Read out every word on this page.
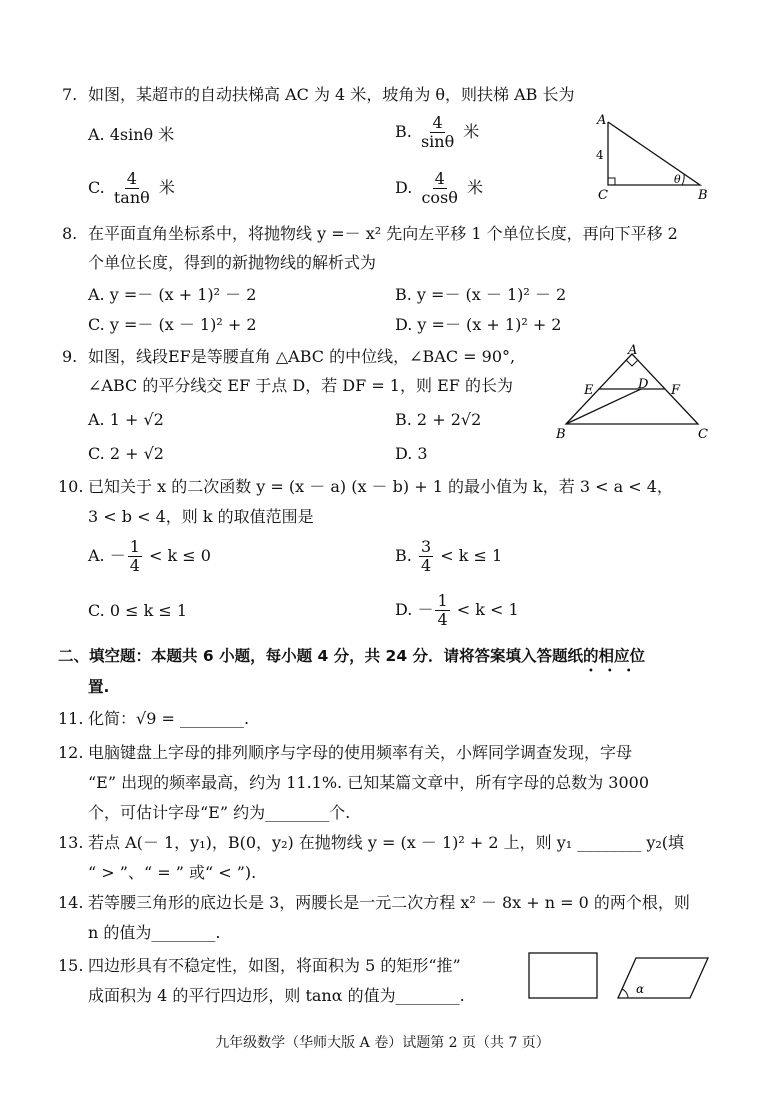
7. 如图，某超市的自动扶梯高 AC 为 4 米，坡角为 θ，则扶梯 AB 长为
A. 4sinθ 米	B. $\frac{4}{\sin\theta}$ 米
C. $\frac{4}{\tan\theta}$ 米	D. $\frac{4}{\cos\theta}$ 米
A
C	B
4
θ
8. 在平面直角坐标系中，将抛物线 y =－ x² 先向左平移 1 个单位长度，再向下平移 2
个单位长度，得到的新抛物线的解析式为
A. y =－ (x + 1)² － 2	B. y =－ (x － 1)² － 2
C. y =－ (x － 1)² + 2	D. y =－ (x + 1)² + 2
9. 如图，线段EF是等腰直角 △ABC 的中位线，∠BAC = 90°,
∠ABC 的平分线交 EF 于点 D，若 DF = 1，则 EF 的长为
A. 1 + √2	B. 2 + 2√2
C. 2 + √2	D. 3
A
E	D F
B	C
10. 已知关于 x 的二次函数 y = (x － a) (x － b) + 1 的最小值为 k，若 3 < a < 4，
3 < b < 4，则 k 的取值范围是
A. － $\frac{1}{4} < k \le 0$	B. $\frac{3}{4} < k \le 1$
C. 0 ≤ k ≤ 1	D. － $\frac{1}{4} < k < 1$
二、填空题：本题共 6 小题，每小题 4 分，共 24 分．请将答案填入答题纸的相应位
置.
•••
11. 化简：√9 = ________.
12. 电脑键盘上字母的排列顺序与字母的使用频率有关，小辉同学调查发现，字母
“E” 出现的频率最高，约为 11.1%. 已知某篇文章中，所有字母的总数为 3000
个，可估计字母“E” 约为________个.
13. 若点 A(－ 1，y₁)，B(0，y₂) 在抛物线 y = (x － 1)² + 2 上，则 y₁ ________ y₂(填
“ > ”、“ = ” 或“ < ”).
14. 若等腰三角形的底边长是 3，两腰长是一元二次方程 x² － 8x + n = 0 的两个根，则
n 的值为________.
15. 四边形具有不稳定性，如图，将面积为 5 的矩形“推”
成面积为 4 的平行四边形，则 tanα 的值为________.	α
九年级数学（华师大版 A 卷）试题第 2 页（共 7 页）
